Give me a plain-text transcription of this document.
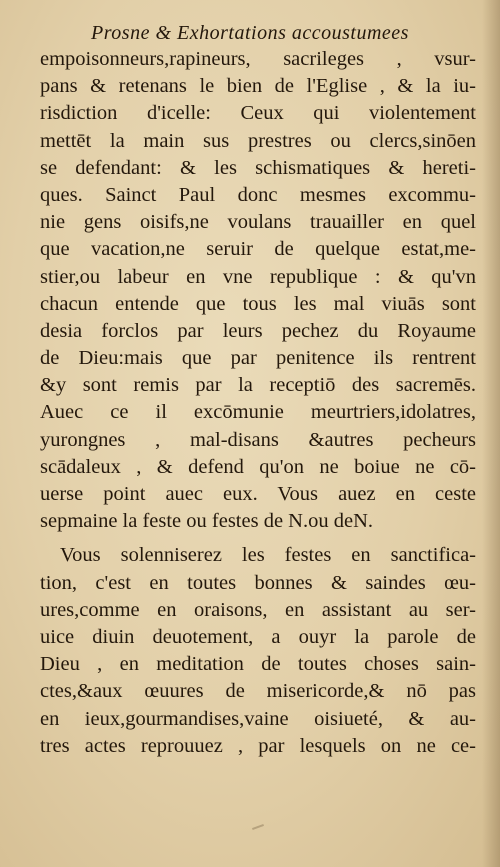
Prosne & Exhortations accoustumees
empoisonneurs,rapineurs, sacrileges , vsur-
pans & retenans le bien de l'Eglise , & la iu-
risdiction d'icelle: Ceux qui violentement
mettēt la main sus prestres ou clercs,sinōen
se defendant: & les schismatiques & hereti-
ques. Sainct Paul donc mesmes excommu-
nie gens oisifs,ne voulans trauailler en quel
que vacation,ne seruir de quelque estat,me-
stier,ou labeur en vne republique : & qu'vn
chacun entende que tous les mal viuās sont
desia forclos par leurs pechez du Royaume
de Dieu:mais que par penitence ils rentrent
&y sont remis par la receptiō des sacremēs.
Auec ce il excōmunie meurtriers,idolatres,
yurongnes , mal-disans &autres pecheurs
scādaleux , & defend qu'on ne boiue ne cō-
uerse point auec eux. Vous auez en ceste
sepmaine la feste ou festes de N.ou deN.
Vous solenniserez les festes en sanctifica-
tion, c'est en toutes bonnes & saindes œu-
ures,comme en oraisons, en assistant au ser-
uice diuin deuotement, a ouyr la parole de
Dieu , en meditation de toutes choses sain-
ctes,&aux œuures de misericorde,& nō pas
en ieux,gourmandises,vaine oisiueté, & au-
tres actes reprouuez , par lesquels on ne ce-
